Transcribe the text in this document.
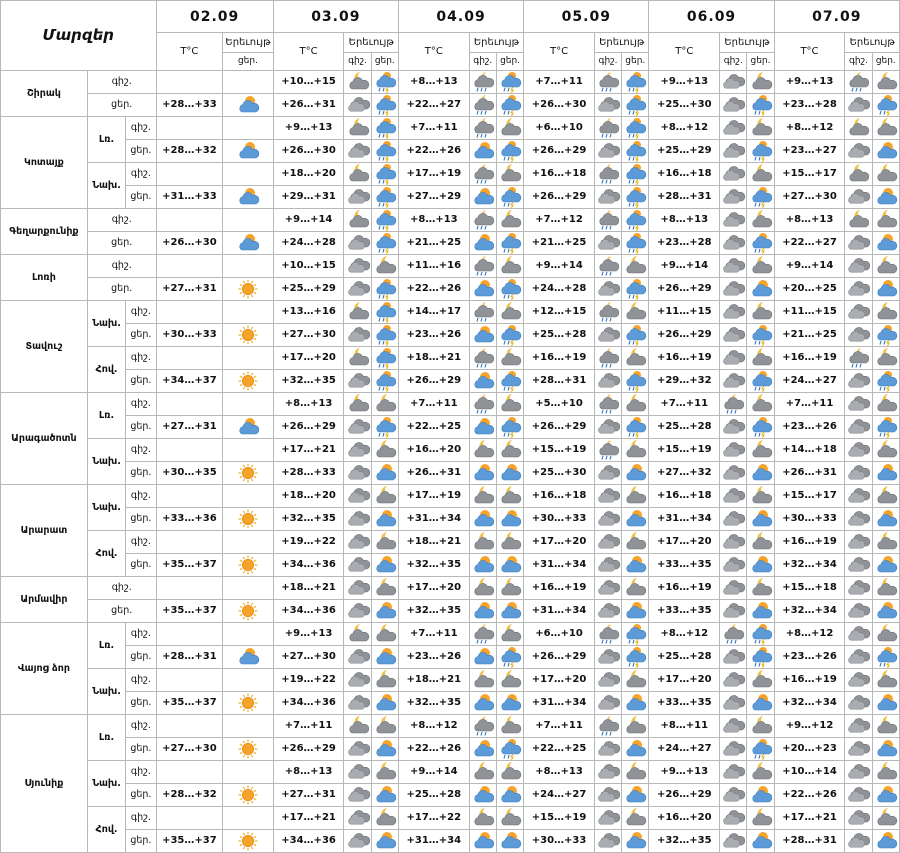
Մարզեր			02.09		03.09			04.09			05.09			06.09			07.09		
			T°C	Երեւույթ	T°C	Երեւույթ		T°C	Երեւույթ		T°C	Երեւույթ		T°C	Երեւույթ		T°C	Երեւույթ	
				ցեր.		գիշ.	ցեր.		գիշ.	ցեր.		գիշ.	ցեր.		գիշ.	ցեր.		գիշ.	ցեր.
Շիրակ	գիշ.				+10…+15			+8…+13			+7…+11			+9…+13			+9…+13	

	ցեր.		+28…+33		+26…+31			+22…+27			+26…+30			+25…+30			+23…+28	

Կոտայք	Լռ.	գիշ.			+9…+13			+7…+11			+6…+10			+8…+12			+8…+12	

		ցեր.	+28…+32		+26…+30			+22…+26			+26…+29			+25…+29			+23…+27	

	Նախ.	գիշ.			+18…+20			+17…+19			+16…+18			+16…+18			+15…+17	

		ցեր.	+31…+33		+29…+31			+27…+29			+26…+29			+28…+31			+27…+30	

Գեղարքունիք	գիշ.				+9…+14			+8…+13			+7…+12			+8…+13			+8…+13	

	ցեր.		+26…+30		+24…+28			+21…+25			+21…+25			+23…+28			+22…+27	

Լոռի	գիշ.				+10…+15			+11…+16			+9…+14			+9…+14			+9…+14	

	ցեր.		+27…+31		+25…+29			+22…+26			+24…+28			+26…+29			+20…+25	

Տավուշ	Նախ.	գիշ.			+13…+16			+14…+17			+12…+15			+11…+15			+11…+15	

		ցեր.	+30…+33		+27…+30			+23…+26			+25…+28			+26…+29			+21…+25	

	Հով.	գիշ.			+17…+20			+18…+21			+16…+19			+16…+19			+16…+19	

		ցեր.	+34…+37		+32…+35			+26…+29			+28…+31			+29…+32			+24…+27	

Արագածոտն	Լռ.	գիշ.			+8…+13			+7…+11			+5…+10			+7…+11			+7…+11	

		ցեր.	+27…+31		+26…+29			+22…+25			+26…+29			+25…+28			+23…+26	

	Նախ.	գիշ.			+17…+21			+16…+20			+15…+19			+15…+19			+14…+18	

		ցեր.	+30…+35		+28…+33			+26…+31			+25…+30			+27…+32			+26…+31	

Արարատ	Նախ.	գիշ.			+18…+20			+17…+19			+16…+18			+16…+18			+15…+17	

		ցեր.	+33…+36		+32…+35			+31…+34			+30…+33			+31…+34			+30…+33	

	Հով.	գիշ.			+19…+22			+18…+21			+17…+20			+17…+20			+16…+19	

		ցեր.	+35…+37		+34…+36			+32…+35			+31…+34			+33…+35			+32…+34	

Արմավիր	գիշ.				+18…+21			+17…+20			+16…+19			+16…+19			+15…+18	

	ցեր.		+35…+37		+34…+36			+32…+35			+31…+34			+33…+35			+32…+34	

Վայոց ձոր	Լռ.	գիշ.			+9…+13			+7…+11			+6…+10			+8…+12			+8…+12	

		ցեր.	+28…+31		+27…+30			+23…+26			+26…+29			+25…+28			+23…+26	

	Նախ.	գիշ.			+19…+22			+18…+21			+17…+20			+17…+20			+16…+19	

		ցեր.	+35…+37		+34…+36			+32…+35			+31…+34			+33…+35			+32…+34	

Սյունիք	Լռ.	գիշ.			+7…+11			+8…+12			+7…+11			+8…+11			+9…+12	

		ցեր.	+27…+30		+26…+29			+22…+26			+22…+25			+24…+27			+20…+23	

	Նախ.	գիշ.			+8…+13			+9…+14			+8…+13			+9…+13			+10…+14	

		ցեր.	+28…+32		+27…+31			+25…+28			+24…+27			+26…+29			+22…+26	

	Հով.	գիշ.			+17…+21			+17…+22			+15…+19			+16…+20			+17…+21	

		ցեր.	+35…+37		+34…+36			+31…+34			+30…+33			+32…+35			+28…+31	
